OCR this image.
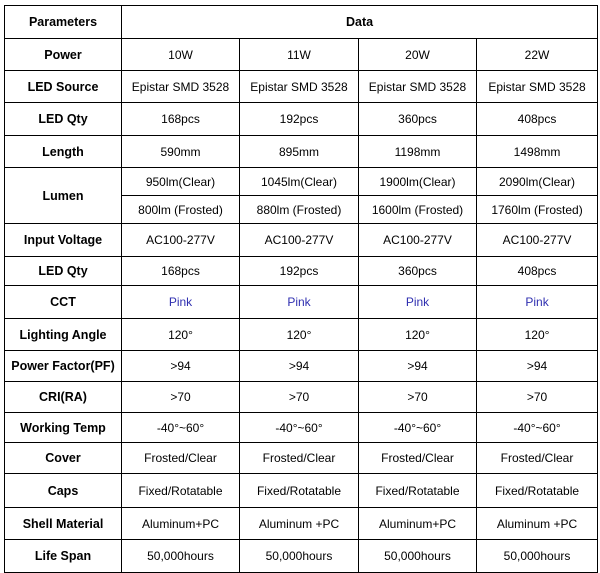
Parameters	Data			
Power	10W	11W	20W	22W
LED Source	Epistar SMD 3528	Epistar SMD 3528	Epistar SMD 3528	Epistar SMD 3528
LED Qty	168pcs	192pcs	360pcs	408pcs
Length	590mm	895mm	1198mm	1498mm
Lumen	950lm(Clear)	1045lm(Clear)	1900lm(Clear)	2090lm(Clear)
	800lm (Frosted)	880lm (Frosted)	1600lm (Frosted)	1760lm (Frosted)
Input Voltage	AC100-277V	AC100-277V	AC100-277V	AC100-277V
LED Qty	168pcs	192pcs	360pcs	408pcs
CCT	Pink	Pink	Pink	Pink
Lighting Angle	120°	120°	120°	120°
Power Factor(PF)	>94	>94	>94	>94
CRI(RA)	>70	>70	>70	>70
Working Temp	-40°~60°	-40°~60°	-40°~60°	-40°~60°
Cover	Frosted/Clear	Frosted/Clear	Frosted/Clear	Frosted/Clear
Caps	Fixed/Rotatable	Fixed/Rotatable	Fixed/Rotatable	Fixed/Rotatable
Shell Material	Aluminum+PC	Aluminum +PC	Aluminum+PC	Aluminum +PC
Life Span	50,000hours	50,000hours	50,000hours	50,000hours
